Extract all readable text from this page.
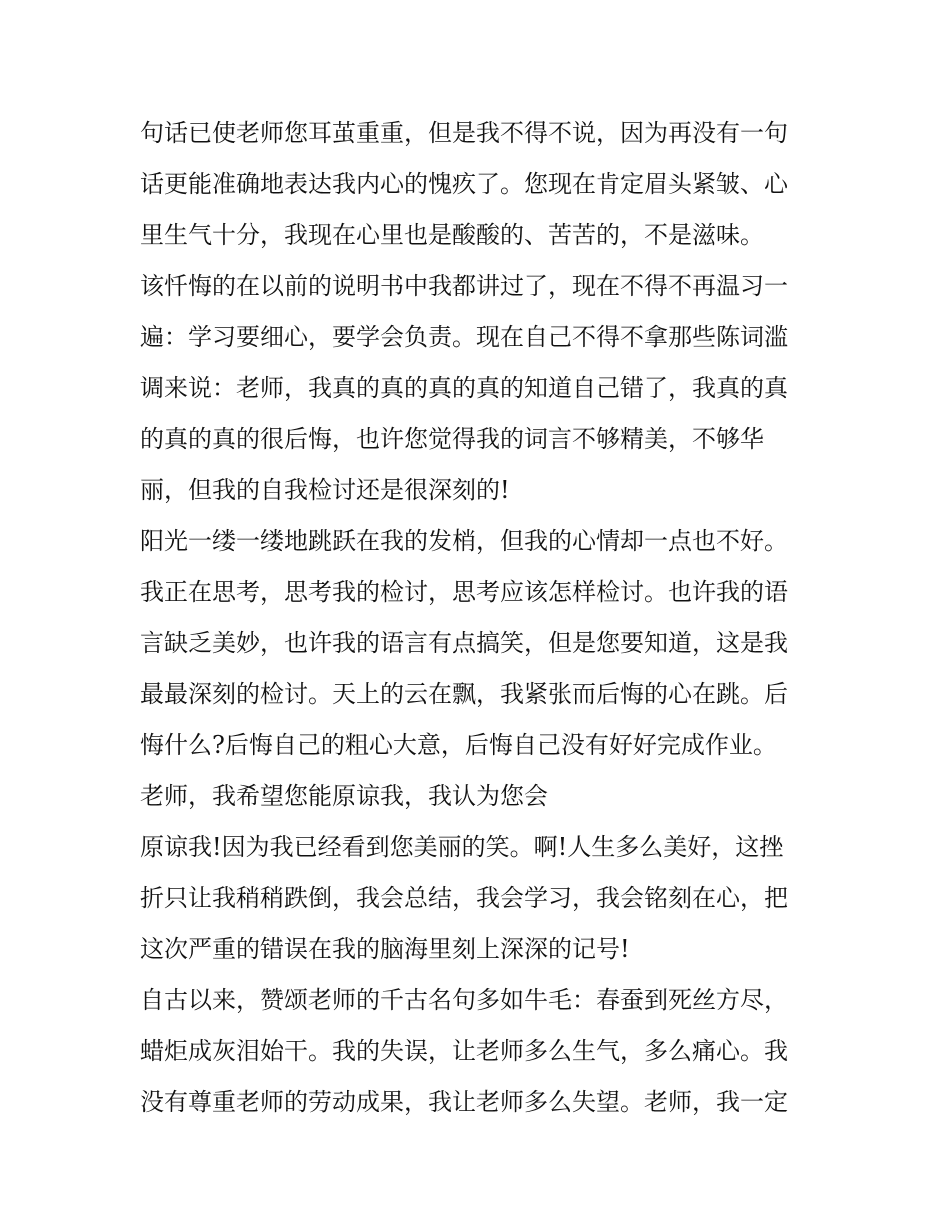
句话已使老师您耳茧重重，但是我不得不说，因为再没有一句
话更能准确地表达我内心的愧疚了。您现在肯定眉头紧皱、心
里生气十分，我现在心里也是酸酸的、苦苦的，不是滋味。
该忏悔的在以前的说明书中我都讲过了，现在不得不再温习一
遍：学习要细心，要学会负责。现在自己不得不拿那些陈词滥
调来说：老师，我真的真的真的真的知道自己错了，我真的真
的真的真的很后悔，也许您觉得我的词言不够精美，不够华
丽，但我的自我检讨还是很深刻的!
阳光一缕一缕地跳跃在我的发梢，但我的心情却一点也不好。
我正在思考，思考我的检讨，思考应该怎样检讨。也许我的语
言缺乏美妙，也许我的语言有点搞笑，但是您要知道，这是我
最最深刻的检讨。天上的云在飘，我紧张而后悔的心在跳。后
悔什么?后悔自己的粗心大意，后悔自己没有好好完成作业。
老师，我希望您能原谅我，我认为您会
原谅我!因为我已经看到您美丽的笑。啊!人生多么美好，这挫
折只让我稍稍跌倒，我会总结，我会学习，我会铭刻在心，把
这次严重的错误在我的脑海里刻上深深的记号!
自古以来，赞颂老师的千古名句多如牛毛：春蚕到死丝方尽，
蜡炬成灰泪始干。我的失误，让老师多么生气，多么痛心。我
没有尊重老师的劳动成果，我让老师多么失望。老师，我一定
